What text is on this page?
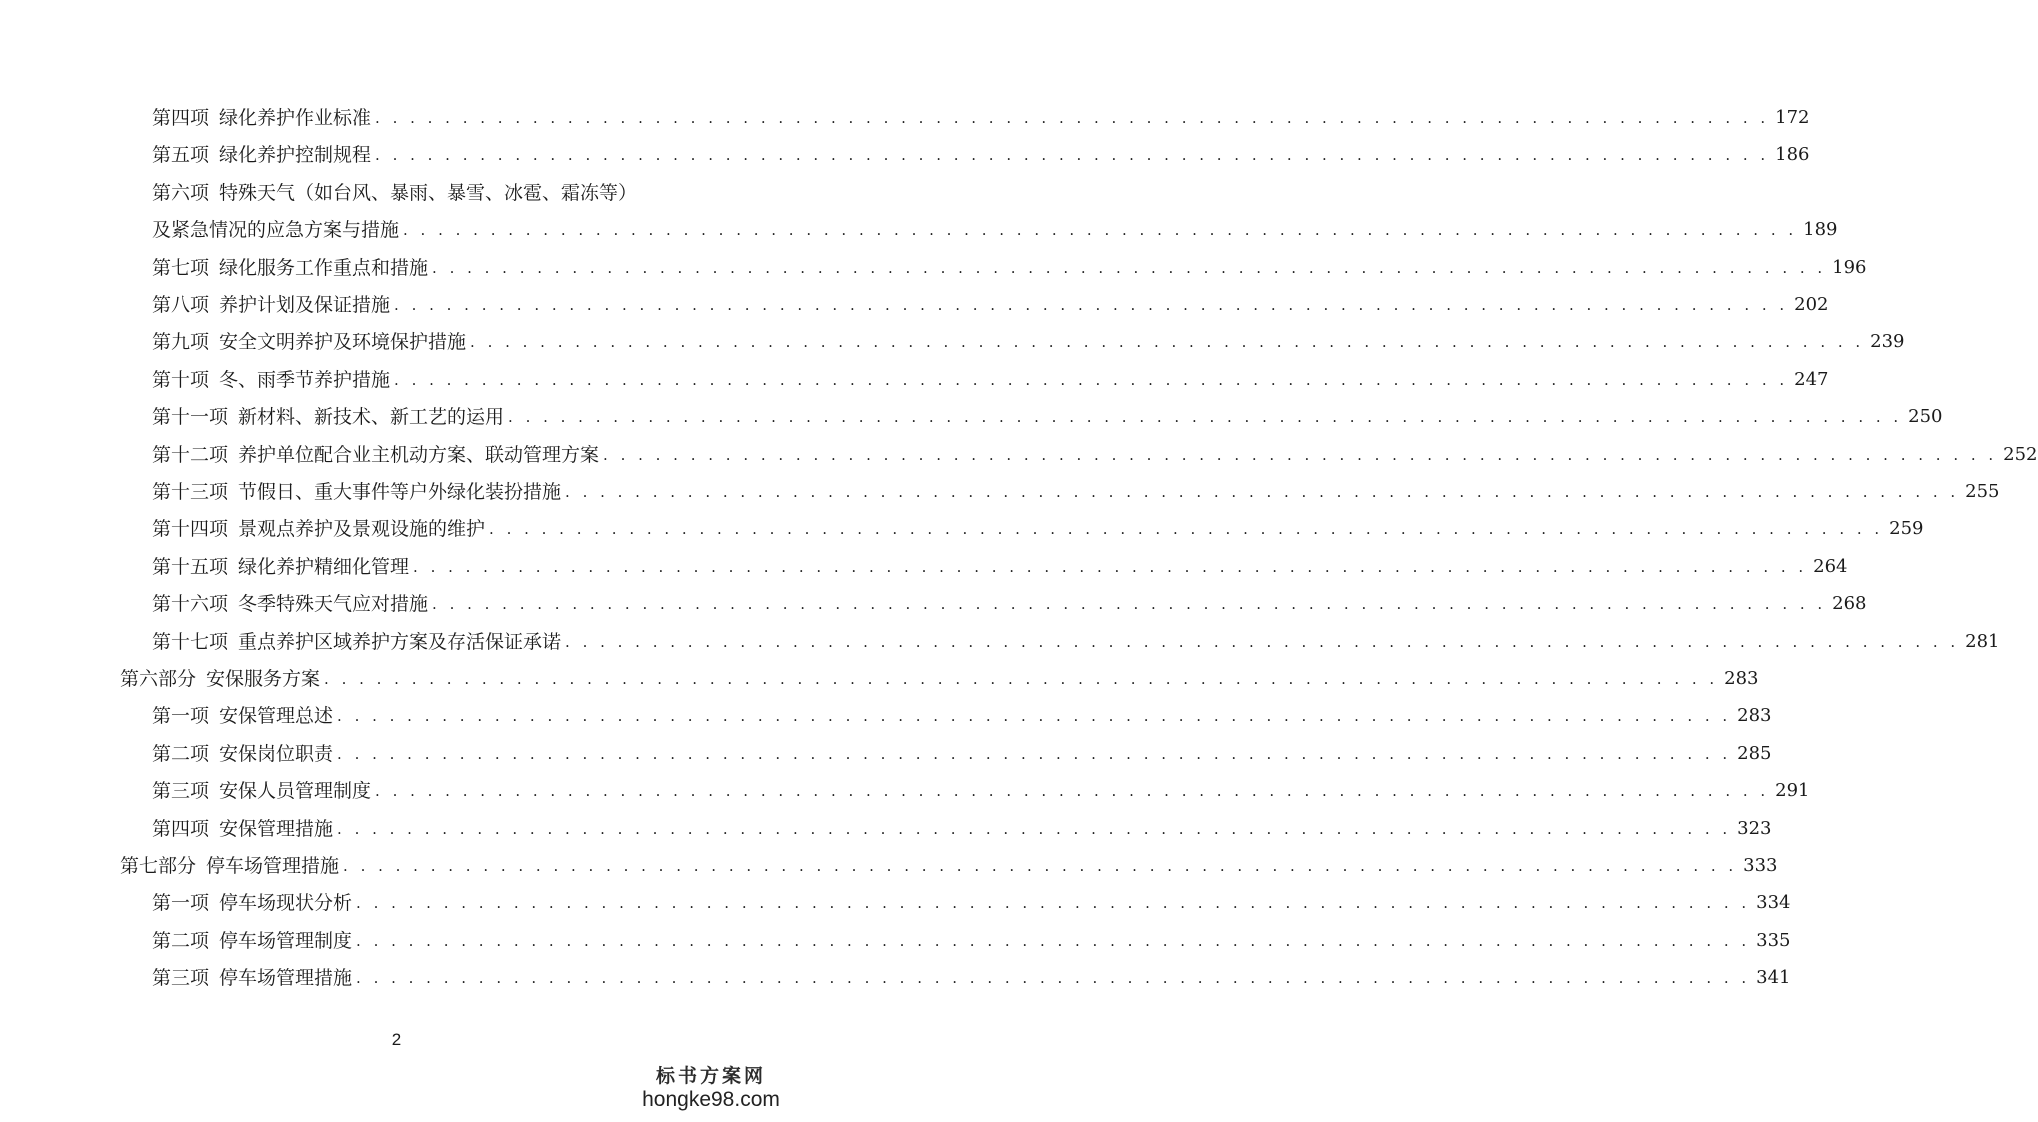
第四项 绿化养护作业标准 . . . . . . . . . . . . . . . . . . . . . . . . . . . . . . . . . . . . . . . . . . . . . . . . . . . . . . . . . . . . . . . . . . . . . . . . . . . . . . . . 172
第五项 绿化养护控制规程 . . . . . . . . . . . . . . . . . . . . . . . . . . . . . . . . . . . . . . . . . . . . . . . . . . . . . . . . . . . . . . . . . . . . . . . . . . . . . . . . 186
第六项 特殊天气（如台风、暴雨、暴雪、冰雹、霜冻等）
及紧急情况的应急方案与措施 . . . . . . . . . . . . . . . . . . . . . . . . . . . . . . . . . . . . . . . . . . . . . . . . . . . . . . . . . . . . . . . . . . . . . . . . . . . . . . . . 189
第七项 绿化服务工作重点和措施 . . . . . . . . . . . . . . . . . . . . . . . . . . . . . . . . . . . . . . . . . . . . . . . . . . . . . . . . . . . . . . . . . . . . . . . . . . . . . . . . 196
第八项 养护计划及保证措施 . . . . . . . . . . . . . . . . . . . . . . . . . . . . . . . . . . . . . . . . . . . . . . . . . . . . . . . . . . . . . . . . . . . . . . . . . . . . . . . . 202
第九项 安全文明养护及环境保护措施 . . . . . . . . . . . . . . . . . . . . . . . . . . . . . . . . . . . . . . . . . . . . . . . . . . . . . . . . . . . . . . . . . . . . . . . . . . . . . . . . 239
第十项 冬、雨季节养护措施 . . . . . . . . . . . . . . . . . . . . . . . . . . . . . . . . . . . . . . . . . . . . . . . . . . . . . . . . . . . . . . . . . . . . . . . . . . . . . . . . 247
第十一项 新材料、新技术、新工艺的运用 . . . . . . . . . . . . . . . . . . . . . . . . . . . . . . . . . . . . . . . . . . . . . . . . . . . . . . . . . . . . . . . . . . . . . . . . . . . . . . . . 250
第十二项 养护单位配合业主机动方案、联动管理方案 . . . . . . . . . . . . . . . . . . . . . . . . . . . . . . . . . . . . . . . . . . . . . . . . . . . . . . . . . . . . . . . . . . . . . . . . . . . . . . . . 252
第十三项 节假日、重大事件等户外绿化装扮措施 . . . . . . . . . . . . . . . . . . . . . . . . . . . . . . . . . . . . . . . . . . . . . . . . . . . . . . . . . . . . . . . . . . . . . . . . . . . . . . . . 255
第十四项 景观点养护及景观设施的维护 . . . . . . . . . . . . . . . . . . . . . . . . . . . . . . . . . . . . . . . . . . . . . . . . . . . . . . . . . . . . . . . . . . . . . . . . . . . . . . . . 259
第十五项 绿化养护精细化管理 . . . . . . . . . . . . . . . . . . . . . . . . . . . . . . . . . . . . . . . . . . . . . . . . . . . . . . . . . . . . . . . . . . . . . . . . . . . . . . . . 264
第十六项 冬季特殊天气应对措施 . . . . . . . . . . . . . . . . . . . . . . . . . . . . . . . . . . . . . . . . . . . . . . . . . . . . . . . . . . . . . . . . . . . . . . . . . . . . . . . . 268
第十七项 重点养护区域养护方案及存活保证承诺 . . . . . . . . . . . . . . . . . . . . . . . . . . . . . . . . . . . . . . . . . . . . . . . . . . . . . . . . . . . . . . . . . . . . . . . . . . . . . . . . 281
第六部分 安保服务方案 . . . . . . . . . . . . . . . . . . . . . . . . . . . . . . . . . . . . . . . . . . . . . . . . . . . . . . . . . . . . . . . . . . . . . . . . . . . . . . . . 283
第一项 安保管理总述 . . . . . . . . . . . . . . . . . . . . . . . . . . . . . . . . . . . . . . . . . . . . . . . . . . . . . . . . . . . . . . . . . . . . . . . . . . . . . . . . 283
第二项 安保岗位职责 . . . . . . . . . . . . . . . . . . . . . . . . . . . . . . . . . . . . . . . . . . . . . . . . . . . . . . . . . . . . . . . . . . . . . . . . . . . . . . . . 285
第三项 安保人员管理制度 . . . . . . . . . . . . . . . . . . . . . . . . . . . . . . . . . . . . . . . . . . . . . . . . . . . . . . . . . . . . . . . . . . . . . . . . . . . . . . . . 291
第四项 安保管理措施 . . . . . . . . . . . . . . . . . . . . . . . . . . . . . . . . . . . . . . . . . . . . . . . . . . . . . . . . . . . . . . . . . . . . . . . . . . . . . . . . 323
第七部分 停车场管理措施 . . . . . . . . . . . . . . . . . . . . . . . . . . . . . . . . . . . . . . . . . . . . . . . . . . . . . . . . . . . . . . . . . . . . . . . . . . . . . . . . 333
第一项 停车场现状分析 . . . . . . . . . . . . . . . . . . . . . . . . . . . . . . . . . . . . . . . . . . . . . . . . . . . . . . . . . . . . . . . . . . . . . . . . . . . . . . . . 334
第二项 停车场管理制度 . . . . . . . . . . . . . . . . . . . . . . . . . . . . . . . . . . . . . . . . . . . . . . . . . . . . . . . . . . . . . . . . . . . . . . . . . . . . . . . . 335
第三项 停车场管理措施 . . . . . . . . . . . . . . . . . . . . . . . . . . . . . . . . . . . . . . . . . . . . . . . . . . . . . . . . . . . . . . . . . . . . . . . . . . . . . . . . 341
2
标书方案网
hongke98.com
